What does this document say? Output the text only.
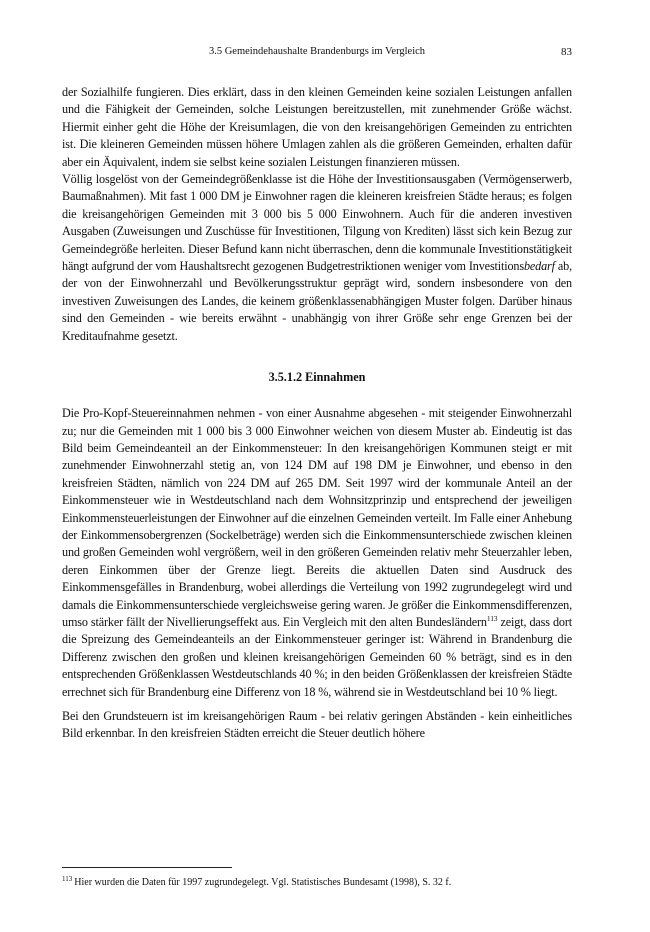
3.5 Gemeindehaushalte Brandenburgs im Vergleich	83

der Sozialhilfe fungieren. Dies erklärt, dass in den kleinen Gemeinden keine sozialen Leistungen anfallen und die Fähigkeit der Gemeinden, solche Leistungen bereitzustellen, mit zunehmender Größe wächst. Hiermit einher geht die Höhe der Kreisumlagen, die von den kreisangehörigen Gemeinden zu entrichten ist. Die kleineren Gemeinden müssen höhere Umlagen zahlen als die größeren Gemeinden, erhalten dafür aber ein Äquivalent, indem sie selbst keine sozialen Leistungen finanzieren müssen.

Völlig losgelöst von der Gemeindegrößenklasse ist die Höhe der Investitionsausgaben (Vermögenserwerb, Baumaßnahmen). Mit fast 1 000 DM je Einwohner ragen die kleineren kreisfreien Städte heraus; es folgen die kreisangehörigen Gemeinden mit 3 000 bis 5 000 Einwohnern. Auch für die anderen investiven Ausgaben (Zuweisungen und Zuschüsse für Investitionen, Tilgung von Krediten) lässt sich kein Bezug zur Gemeindegröße herleiten. Dieser Befund kann nicht überraschen, denn die kommunale Investitionstätigkeit hängt aufgrund der vom Haushaltsrecht gezogenen Budgetrestriktionen weniger vom Investitionsbedarf ab, der von der Einwohnerzahl und Bevölkerungsstruktur geprägt wird, sondern insbesondere von den investiven Zuweisungen des Landes, die keinem größenklassenabhängigen Muster folgen. Darüber hinaus sind den Gemeinden - wie bereits erwähnt - unabhängig von ihrer Größe sehr enge Grenzen bei der Kreditaufnahme gesetzt.

3.5.1.2 Einnahmen

Die Pro-Kopf-Steuereinnahmen nehmen - von einer Ausnahme abgesehen - mit steigender Einwohnerzahl zu; nur die Gemeinden mit 1 000 bis 3 000 Einwohner weichen von diesem Muster ab. Eindeutig ist das Bild beim Gemeindeanteil an der Einkommensteuer: In den kreisangehörigen Kommunen steigt er mit zunehmender Einwohnerzahl stetig an, von 124 DM auf 198 DM je Einwohner, und ebenso in den kreisfreien Städten, nämlich von 224 DM auf 265 DM. Seit 1997 wird der kommunale Anteil an der Einkommensteuer wie in Westdeutschland nach dem Wohnsitzprinzip und entsprechend der jeweiligen Einkommensteuerleistungen der Einwohner auf die einzelnen Gemeinden verteilt. Im Falle einer Anhebung der Einkommensobergrenzen (Sockelbeträge) werden sich die Einkommensunterschiede zwischen kleinen und großen Gemeinden wohl vergrößern, weil in den größeren Gemeinden relativ mehr Steuerzahler leben, deren Einkommen über der Grenze liegt. Bereits die aktuellen Daten sind Ausdruck des Einkommensgefälles in Brandenburg, wobei allerdings die Verteilung von 1992 zugrundegelegt wird und damals die Einkommensunterschiede vergleichsweise gering waren. Je größer die Einkommensdifferenzen, umso stärker fällt der Nivellierungseffekt aus. Ein Vergleich mit den alten Bundesländern$^{113}$ zeigt, dass dort die Spreizung des Gemeindeanteils an der Einkommensteuer geringer ist: Während in Brandenburg die Differenz zwischen den großen und kleinen kreisangehörigen Gemeinden 60 % beträgt, sind es in den entsprechenden Größenklassen Westdeutschlands 40 %; in den beiden Größenklassen der kreisfreien Städte errechnet sich für Brandenburg eine Differenz von 18 %, während sie in Westdeutschland bei 10 % liegt.

Bei den Grundsteuern ist im kreisangehörigen Raum - bei relativ geringen Abständen - kein einheitliches Bild erkennbar. In den kreisfreien Städten erreicht die Steuer deutlich höhere

$^{113}$ Hier wurden die Daten für 1997 zugrundegelegt. Vgl. Statistisches Bundesamt (1998), S. 32 f.
